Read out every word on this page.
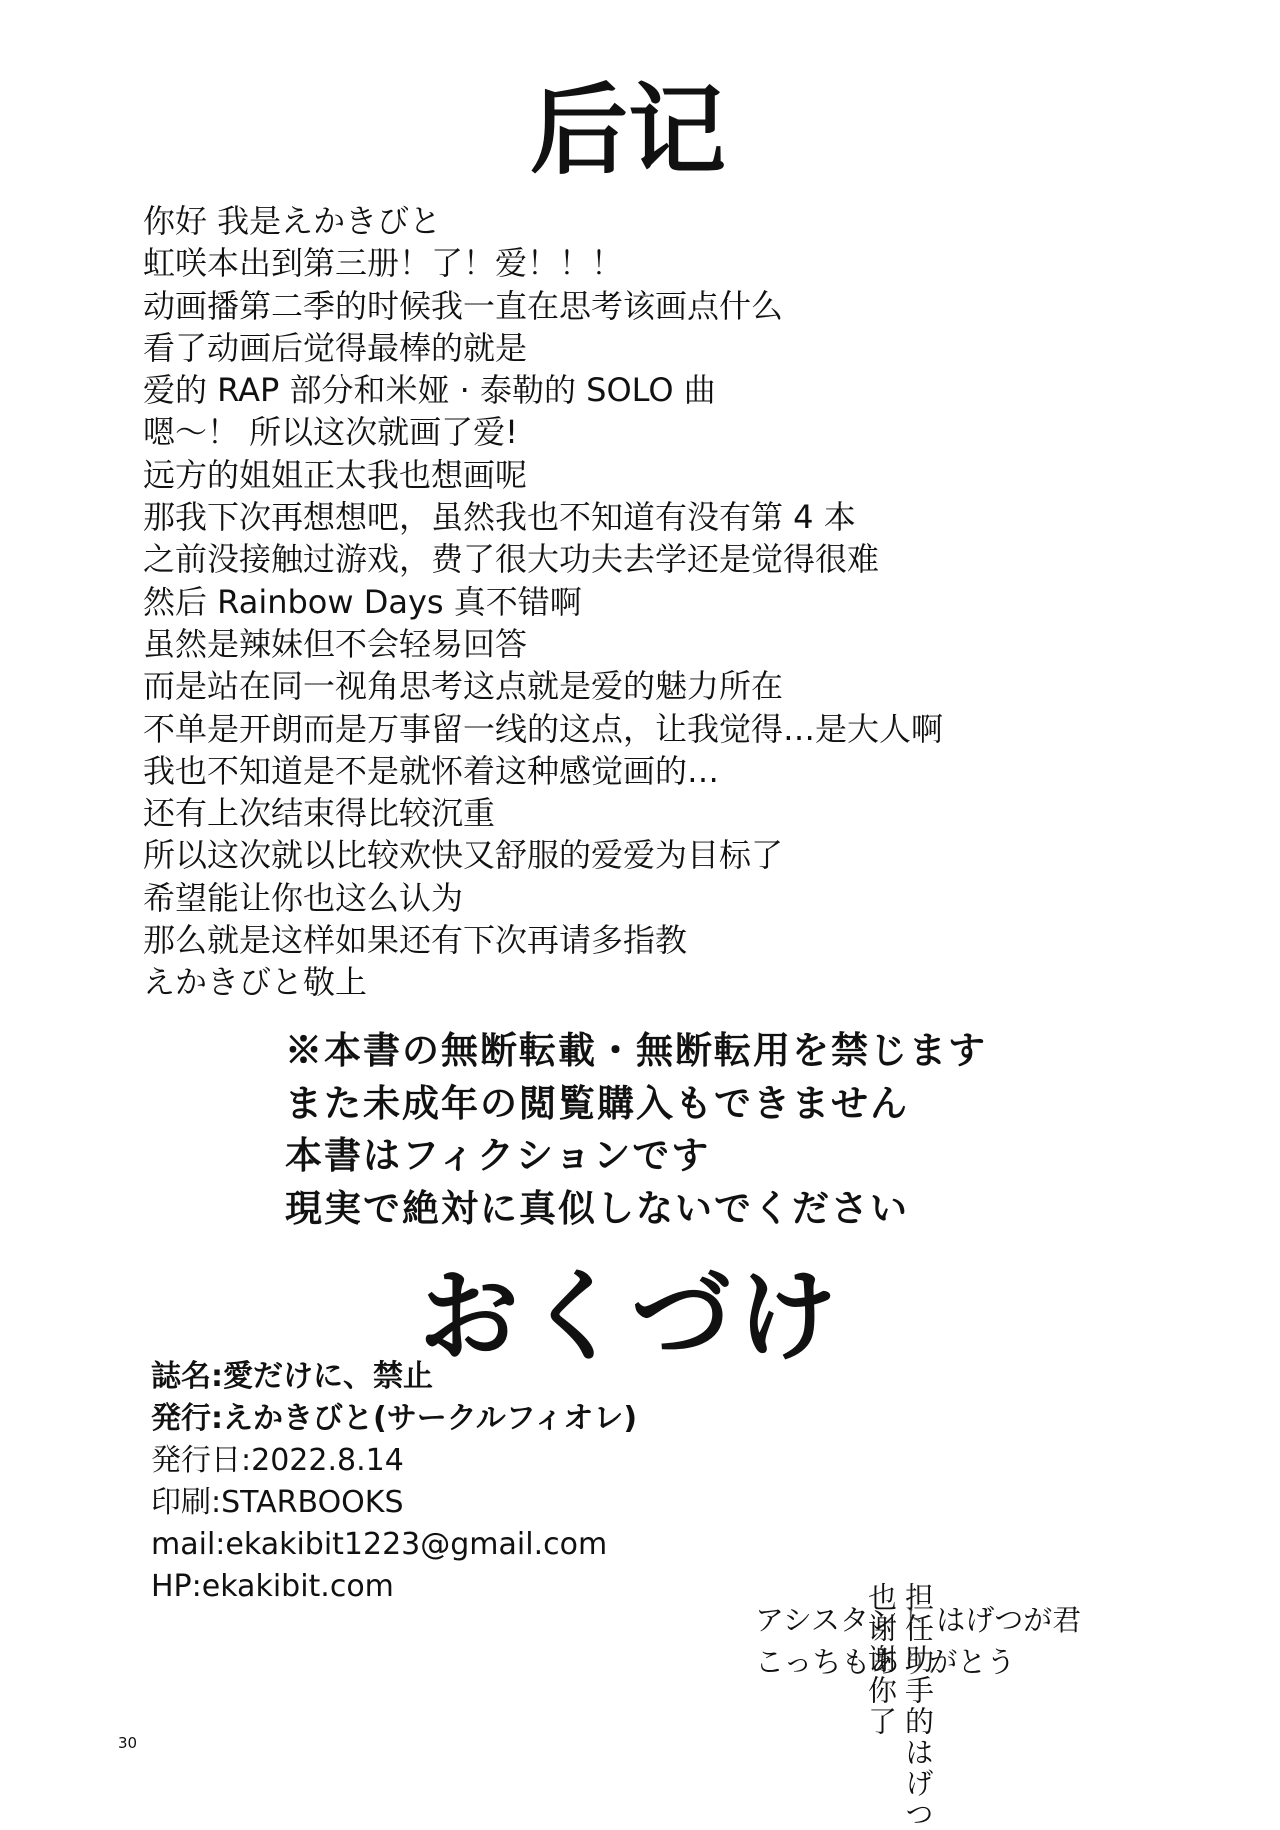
后记
你好 我是えかきびと
虹咲本出到第三册！了！爱！！！
动画播第二季的时候我一直在思考该画点什么
看了动画后觉得最棒的就是
爱的 RAP 部分和米娅 · 泰勒的 SOLO 曲
嗯～！ 所以这次就画了爱!
远方的姐姐正太我也想画呢
那我下次再想想吧，虽然我也不知道有没有第 4 本
之前没接触过游戏，费了很大功夫去学还是觉得很难
然后 Rainbow Days 真不错啊
虽然是辣妹但不会轻易回答
而是站在同一视角思考这点就是爱的魅力所在
不单是开朗而是万事留一线的这点，让我觉得…是大人啊
我也不知道是不是就怀着这种感觉画的…
还有上次结束得比较沉重
所以这次就以比较欢快又舒服的爱爱为目标了
希望能让你也这么认为
那么就是这样如果还有下次再请多指教
えかきびと敬上
※本書の無断転載・無断転用を禁じます
また未成年の閲覧購入もできません
本書はフィクションです
現実で絶対に真似しないでください
おくづけ
誌名:愛だけに、禁止
発行:えかきびと(サークルフィオレ)
発行日:2022.8.14
印刷:STARBOOKS
mail:ekakibit1223@gmail.com
HP:ekakibit.com
アシスタント はげつが君
こっちもありがとう
担任助手的はげつ
也谢谢你了
30
